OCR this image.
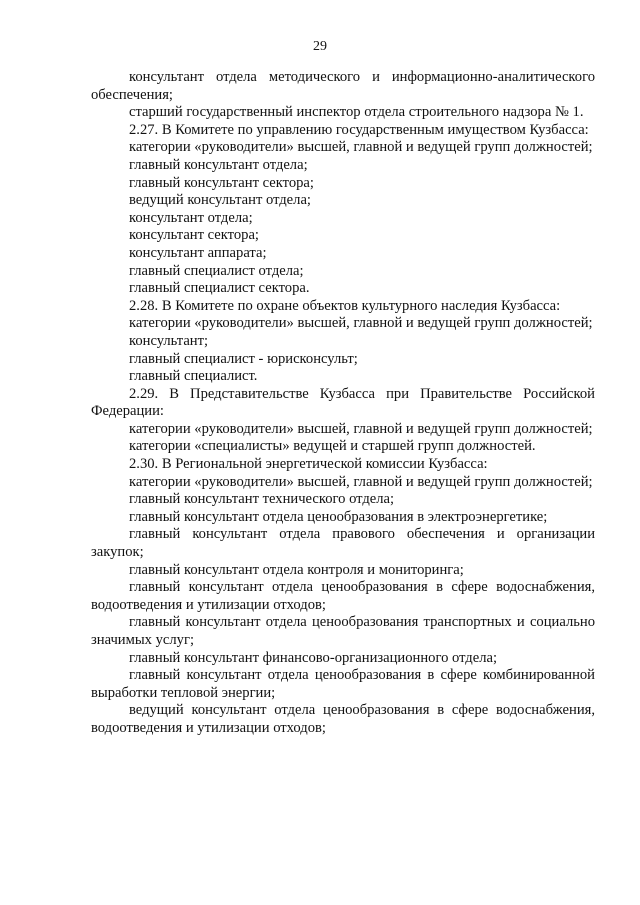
29

консультант отдела методического и информационно-аналитического обеспечения;

старший государственный инспектор отдела строительного надзора № 1.

2.27. В Комитете по управлению государственным имуществом Кузбасса:

категории «руководители» высшей, главной и ведущей групп должностей;

главный консультант отдела;

главный консультант сектора;

ведущий консультант отдела;

консультант отдела;

консультант сектора;

консультант аппарата;

главный специалист отдела;

главный специалист сектора.

2.28. В Комитете по охране объектов культурного наследия Кузбасса:

категории «руководители» высшей, главной и ведущей групп должностей;

консультант;

главный специалист - юрисконсульт;

главный специалист.

2.29. В Представительстве Кузбасса при Правительстве Российской Федерации:

категории «руководители» высшей, главной и ведущей групп должностей;

категории «специалисты» ведущей и старшей групп должностей.

2.30. В Региональной энергетической комиссии Кузбасса:

категории «руководители» высшей, главной и ведущей групп должностей;

главный консультант технического отдела;

главный консультант отдела ценообразования в электроэнергетике;

главный консультант отдела правового обеспечения и организации закупок;

главный консультант отдела контроля и мониторинга;

главный консультант отдела ценообразования в сфере водоснабжения, водоотведения и утилизации отходов;

главный консультант отдела ценообразования транспортных и социально значимых услуг;

главный консультант финансово-организационного отдела;

главный консультант отдела ценообразования в сфере комбинированной выработки тепловой энергии;

ведущий консультант отдела ценообразования в сфере водоснабжения, водоотведения и утилизации отходов;
